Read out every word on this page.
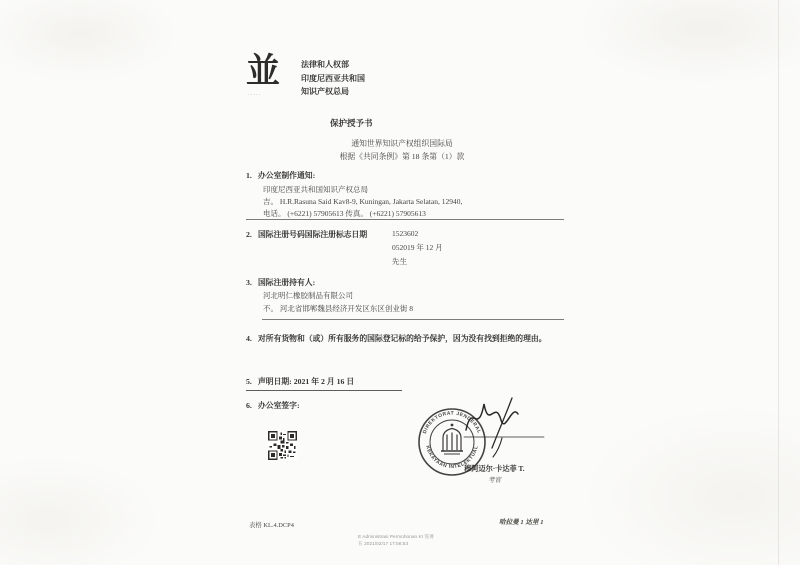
並
·····
法律和人权部
印度尼西亚共和国
知识产权总局
保护授予书
通知世界知识产权组织国际局
根据《共同条例》第 18 条第（1）款
1. 办公室制作通知:
印度尼西亚共和国知识产权总局
吉。 H.R.Rasuna Said Kav8-9, Kuningan, Jakarta Selatan, 12940,
电话。 (+6221) 57905613 传真。 (+6221) 57905613
2. 国际注册号码国际注册标志日期	1523602
052019 年 12 月
先生
3. 国际注册持有人:
河北明仁橡胶制品有限公司
不。 河北省邯郸魏县经济开发区东区创业街 8
4. 对所有货物和（或）所有服务的国际登记标的给予保护，因为没有找到拒绝的理由。
5. 声明日期: 2021 年 2 月 16 日
6. 办公室签字:
DIREKTORAT JENDERAL
KEKAYAAN INTELEKTUAL
穆阿迈尔·卡达菲 T.
考官
表格 KL.4.DCP4	哈拉曼 1 达里 1
E Administrasi Permohonan KI 签署
在 2021/02/17 17:56:53
